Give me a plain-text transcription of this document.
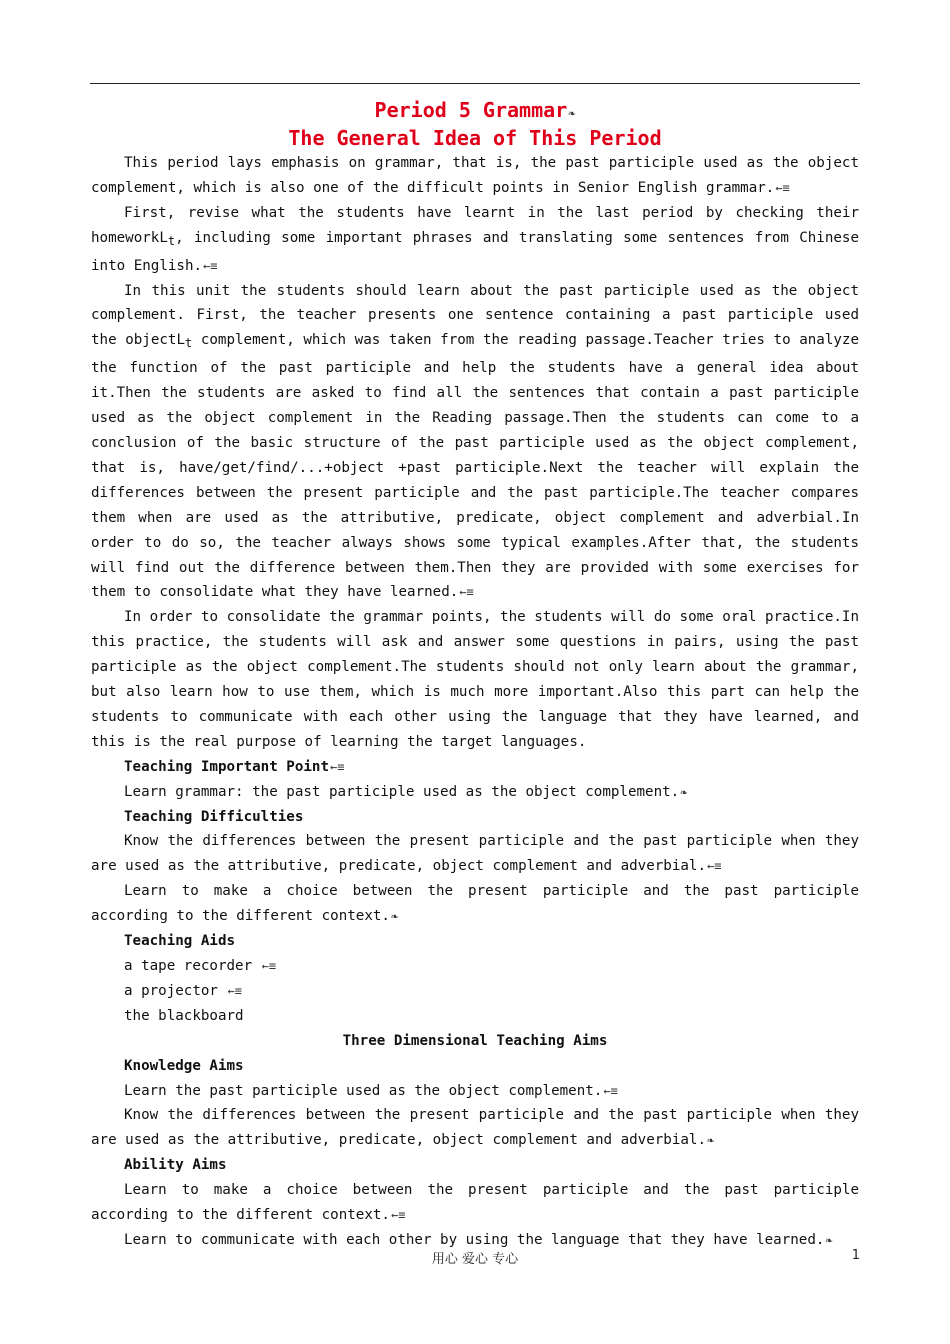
Period 5 Grammar❧

The General Idea of This Period

This period lays emphasis on grammar, that is, the past participle used as the object complement, which is also one of the difficult points in Senior English grammar.←≡

First, revise what the students have learnt in the last period by checking their homeworkL$_t$, including some important phrases and translating some sentences from Chinese into English.←≡

In this unit the students should learn about the past participle used as the object complement. First, the teacher presents one sentence containing a past participle used the objectL$_t$ complement, which was taken from the reading passage.Teacher tries to analyze the function of the past participle and help the students have a general idea about it.Then the students are asked to find all the sentences that contain a past participle used as the object complement in the Reading passage.Then the students can come to a conclusion of the basic structure of the past participle used as the object complement, that is, have/get/find/...+object +past participle.Next the teacher will explain the differences between the present participle and the past participle.The teacher compares them when are used as the attributive, predicate, object complement and adverbial.In order to do so, the teacher always shows some typical examples.After that, the students will find out the difference between them.Then they are provided with some exercises for them to consolidate what they have learned.←≡

In order to consolidate the grammar points, the students will do some oral practice.In this practice, the students will ask and answer some questions in pairs, using the past participle as the object complement.The students should not only learn about the grammar, but also learn how to use them, which is much more important.Also this part can help the students to communicate with each other using the language that they have learned, and this is the real purpose of learning the target languages.

Teaching Important Point←≡

Learn grammar: the past participle used as the object complement.❧

Teaching Difficulties

Know the differences between the present participle and the past participle when they are used as the attributive, predicate, object complement and adverbial.←≡

Learn to make a choice between the present participle and the past participle according to the different context.❧

Teaching Aids

a tape recorder ←≡

a projector ←≡

the blackboard

Three Dimensional Teaching Aims

Knowledge Aims

Learn the past participle used as the object complement.←≡

Know the differences between the present participle and the past participle when they are used as the attributive, predicate, object complement and adverbial.❧

Ability Aims

Learn to make a choice between the present participle and the past participle according to the different context.←≡

Learn to communicate with each other by using the language that they have learned.❧

用心 爱心 专心	1
